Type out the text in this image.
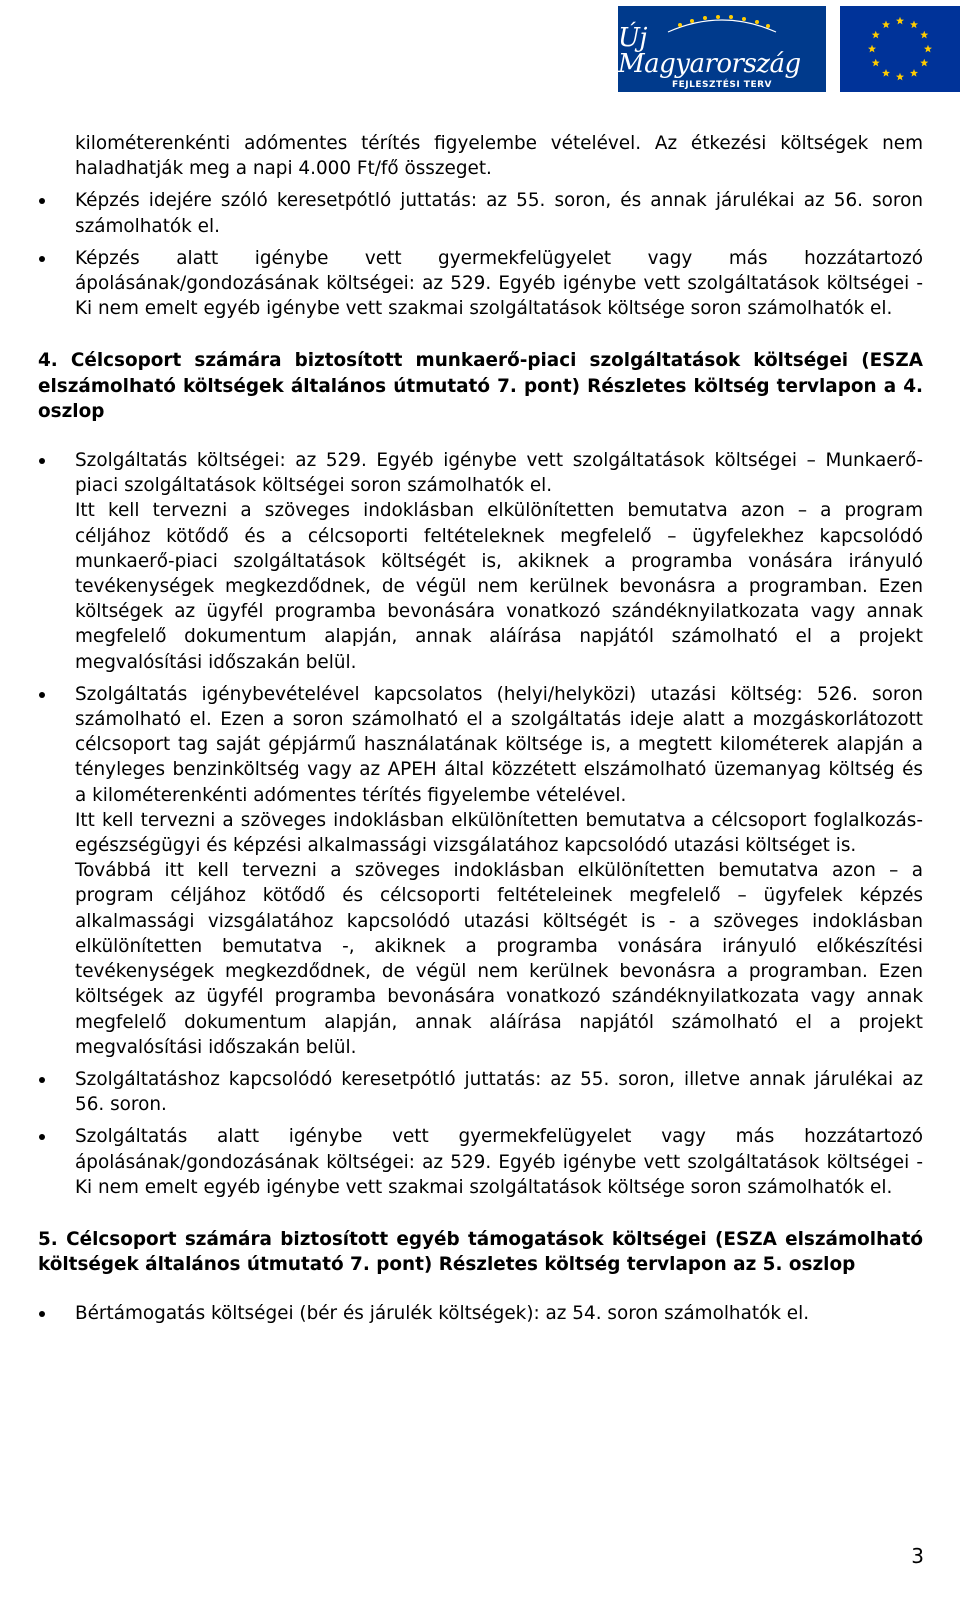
Új Magyarország
FEJLESZTÉSI TERV
kilométerenkénti adómentes térítés figyelembe vételével. Az étkezési költségek nem haladhatják meg a napi 4.000 Ft/fő összeget.

Képzés idejére szóló keresetpótló juttatás: az 55. soron, és annak járulékai az 56. soron számolhatók el.

Képzés alatt igénybe vett gyermekfelügyelet vagy más hozzátartozó ápolásának/gondozásának költségei: az 529. Egyéb igénybe vett szolgáltatások költségei - Ki nem emelt egyéb igénybe vett szakmai szolgáltatások költsége soron számolhatók el.

4. Célcsoport számára biztosított munkaerő-piaci szolgáltatások költségei (ESZA elszámolható költségek általános útmutató 7. pont) Részletes költség tervlapon a 4. oszlop

Szolgáltatás költségei: az 529. Egyéb igénybe vett szolgáltatások költségei – Munkaerő-piaci szolgáltatások költségei soron számolhatók el.

Itt kell tervezni a szöveges indoklásban elkülönítetten bemutatva azon – a program céljához kötődő és a célcsoporti feltételeknek megfelelő – ügyfelekhez kapcsolódó munkaerő-piaci szolgáltatások költségét is, akiknek a programba vonására irányuló tevékenységek megkezdődnek, de végül nem kerülnek bevonásra a programban. Ezen költségek az ügyfél programba bevonására vonatkozó szándéknyilatkozata vagy annak megfelelő dokumentum alapján, annak aláírása napjától számolható el a projekt megvalósítási időszakán belül.

Szolgáltatás igénybevételével kapcsolatos (helyi/helyközi) utazási költség: 526. soron számolható el. Ezen a soron számolható el a szolgáltatás ideje alatt a mozgáskorlátozott célcsoport tag saját gépjármű használatának költsége is, a megtett kilométerek alapján a tényleges benzinköltség vagy az APEH által közzétett elszámolható üzemanyag költség és a kilométerenkénti adómentes térítés figyelembe vételével.

Itt kell tervezni a szöveges indoklásban elkülönítetten bemutatva a célcsoport foglalkozás-egészségügyi és képzési alkalmassági vizsgálatához kapcsolódó utazási költséget is.

Továbbá itt kell tervezni a szöveges indoklásban elkülönítetten bemutatva azon – a program céljához kötődő és célcsoporti feltételeinek megfelelő – ügyfelek képzés alkalmassági vizsgálatához kapcsolódó utazási költségét is - a szöveges indoklásban elkülönítetten bemutatva -, akiknek a programba vonására irányuló előkészítési tevékenységek megkezdődnek, de végül nem kerülnek bevonásra a programban. Ezen költségek az ügyfél programba bevonására vonatkozó szándéknyilatkozata vagy annak megfelelő dokumentum alapján, annak aláírása napjától számolható el a projekt megvalósítási időszakán belül.

Szolgáltatáshoz kapcsolódó keresetpótló juttatás: az 55. soron, illetve annak járulékai az 56. soron.

Szolgáltatás alatt igénybe vett gyermekfelügyelet vagy más hozzátartozó ápolásának/gondozásának költségei: az 529. Egyéb igénybe vett szolgáltatások költségei - Ki nem emelt egyéb igénybe vett szakmai szolgáltatások költsége soron számolhatók el.

5. Célcsoport számára biztosított egyéb támogatások költségei (ESZA elszámolható költségek általános útmutató 7. pont) Részletes költség tervlapon az 5. oszlop

Bértámogatás költségei (bér és járulék költségek): az 54. soron számolhatók el.

3
